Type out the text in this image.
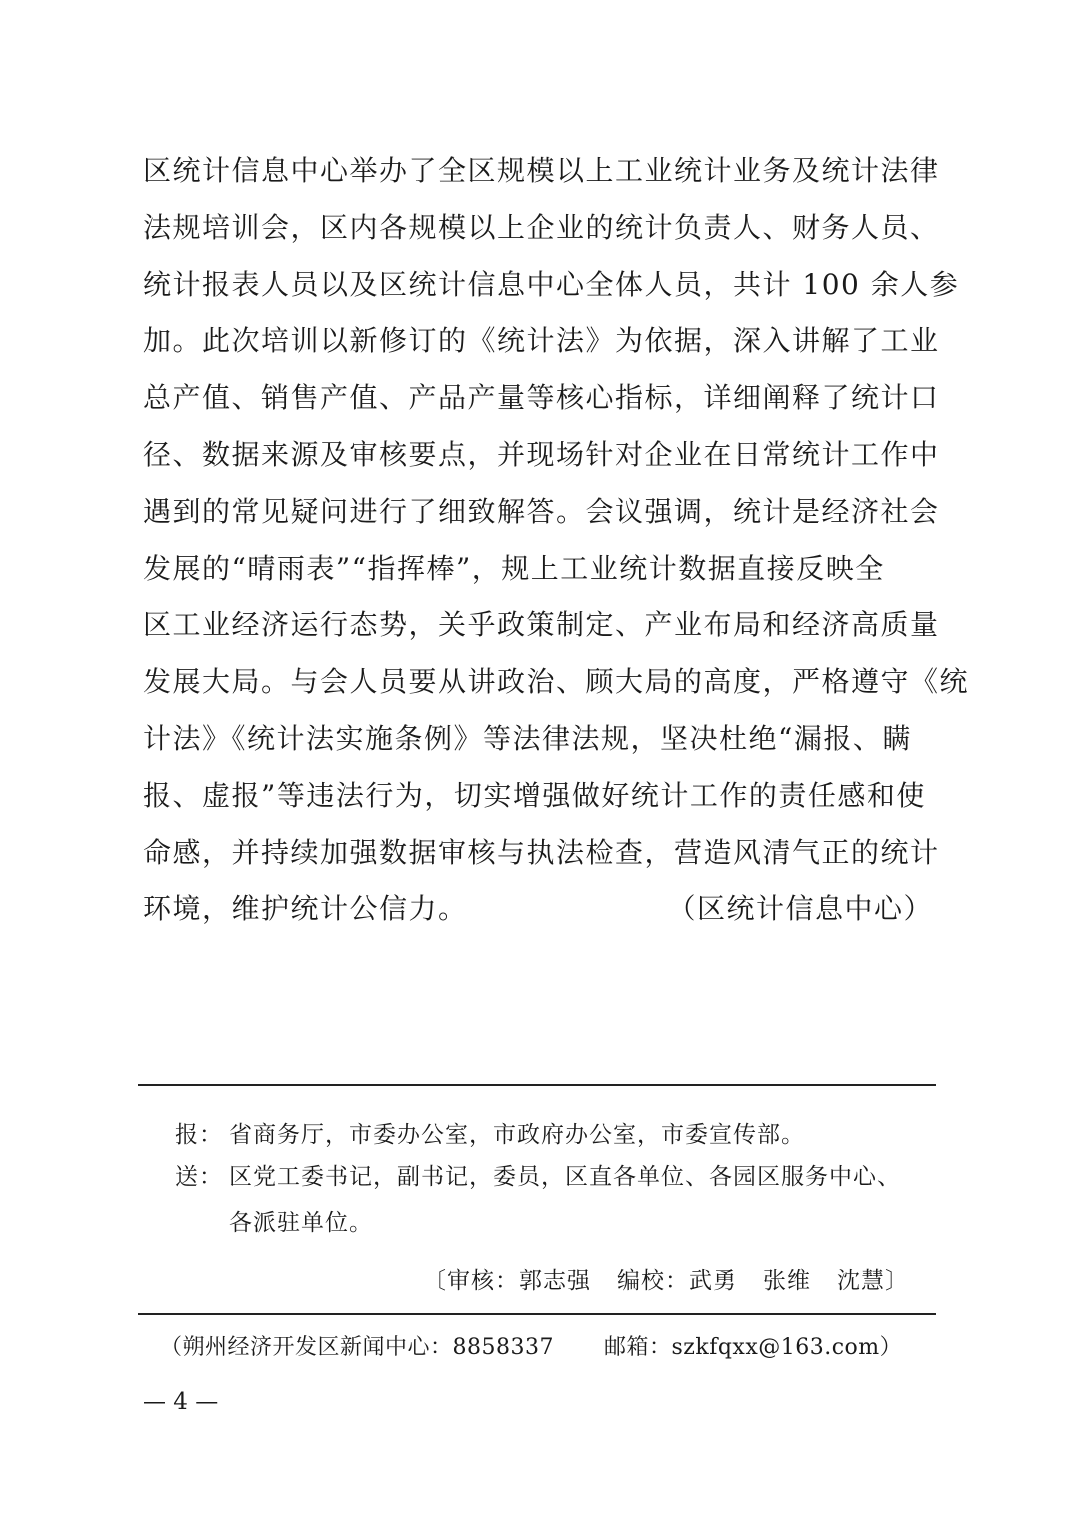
区统计信息中心举办了全区规模以上工业统计业务及统计法律
法规培训会，区内各规模以上企业的统计负责人、财务人员、
统计报表人员以及区统计信息中心全体人员，共计 100 余人参
加。此次培训以新修订的《统计法》为依据，深入讲解了工业
总产值、销售产值、产品产量等核心指标，详细阐释了统计口
径、数据来源及审核要点，并现场针对企业在日常统计工作中
遇到的常见疑问进行了细致解答。会议强调，统计是经济社会
发展的“晴雨表”“指挥棒”，规上工业统计数据直接反映全
区工业经济运行态势，关乎政策制定、产业布局和经济高质量
发展大局。与会人员要从讲政治、顾大局的高度，严格遵守《统
计法》《统计法实施条例》等法律法规，坚决杜绝“漏报、瞒
报、虚报”等违法行为，切实增强做好统计工作的责任感和使
命感，并持续加强数据审核与执法检查，营造风清气正的统计
环境，维护统计公信力。	（区统计信息中心）
报： 省商务厅，市委办公室，市政府办公室，市委宣传部。
送： 区党工委书记，副书记，委员，区直各单位、各园区服务中心、
各派驻单位。
〔审核：郭志强 编校：武勇 张维 沈慧〕
（朔州经济开发区新闻中心：8858337 邮箱：szkfqxx@163.com）
— 4 —
